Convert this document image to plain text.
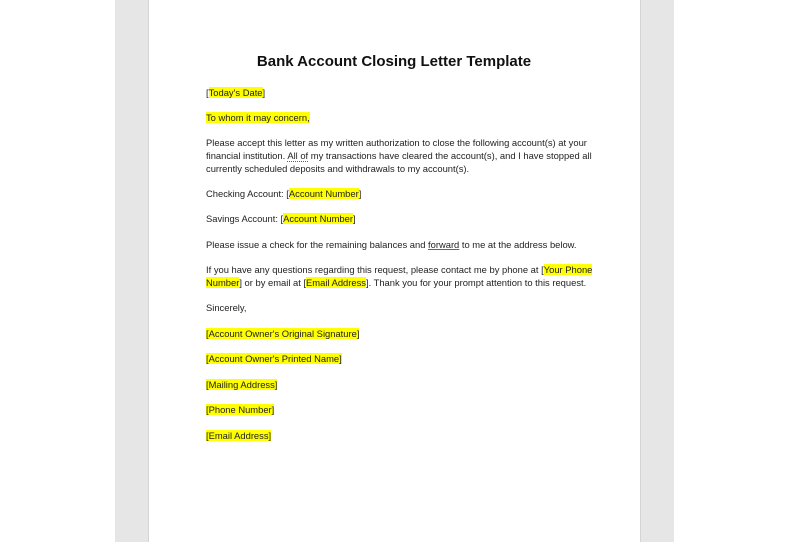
Bank Account Closing Letter Template
[Today's Date]
To whom it may concern,
Please accept this letter as my written authorization to close the following account(s) at your
financial institution. All of my transactions have cleared the account(s), and I have stopped all
currently scheduled deposits and withdrawals to my account(s).
Checking Account: [Account Number]
Savings Account: [Account Number]
Please issue a check for the remaining balances and forward to me at the address below.
If you have any questions regarding this request, please contact me by phone at [Your Phone
Number] or by email at [Email Address]. Thank you for your prompt attention to this request.
Sincerely,
[Account Owner's Original Signature]
[Account Owner's Printed Name]
[Mailing Address]
[Phone Number]
[Email Address]
